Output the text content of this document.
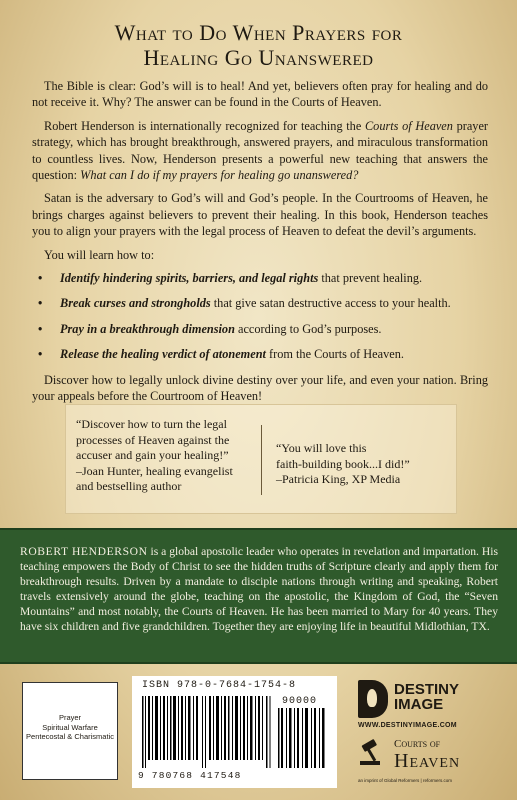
What to Do When Prayers for
Healing Go Unanswered

The Bible is clear: God’s will is to heal! And yet, believers often pray for healing and do not receive it. Why? The answer can be found in the Courts of Heaven.

Robert Henderson is internationally recognized for teaching the Courts of Heaven prayer strategy, which has brought breakthrough, answered prayers, and miraculous transformation to countless lives. Now, Henderson presents a powerful new teaching that answers the question: What can I do if my prayers for healing go unanswered?

Satan is the adversary to God’s will and God’s people. In the Courtrooms of Heaven, he brings charges against believers to prevent their healing. In this book, Henderson teaches you to align your prayers with the legal process of Heaven to defeat the devil’s arguments.

You will learn how to:

• Identify hindering spirits, barriers, and legal rights that prevent healing.
• Break curses and strongholds that give satan destructive access to your health.
• Pray in a breakthrough dimension according to God’s purposes.
• Release the healing verdict of atonement from the Courts of Heaven.

Discover how to legally unlock divine destiny over your life, and even your nation. Bring your appeals before the Courtroom of Heaven!

“Discover how to turn the legal
processes of Heaven against the
accuser and gain your healing!”
–Joan Hunter, healing evangelist
and bestselling author
“You will love this
faith-building book...I did!”
–Patricia King, XP Media
ROBERT HENDERSON is a global apostolic leader who operates in revelation and impartation. His teaching empowers the Body of Christ to see the hidden truths of Scripture clearly and apply them for breakthrough results. Driven by a mandate to disciple nations through writing and speaking, Robert travels extensively around the globe, teaching on the apostolic, the Kingdom of God, the “Seven Mountains” and most notably, the Courts of Heaven. He has been married to Mary for 40 years. They have six children and five grandchildren. Together they are enjoying life in beautiful Midlothian, TX.
Prayer
Spiritual Warfare
Pentecostal & Charismatic
ISBN 978-0-7684-1754-8
90000
9 780768 417548
DESTINY
IMAGE
WWW.DESTINYIMAGE.COM
Courts of
Heaven
an imprint of Global Reformers | reformers.com
